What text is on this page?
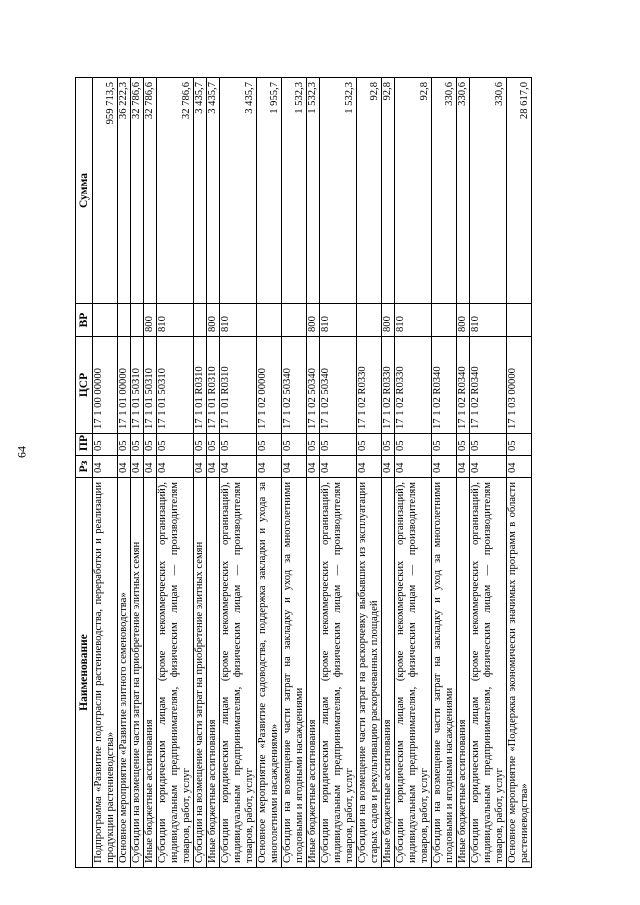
64
Наименование	Рз	ПР	ЦСР	ВР	Сумма
Подпрограмма «Развитие подотрасли растениеводства, переработки и реализации продукции растениеводства»	04	05	17 1 00 00000		959 713,5
Основное мероприятие «Развитие элитного семеноводства»	04	05	17 1 01 00000		36 222,3
Субсидии на возмещение части затрат на приобретение элитных семян	04	05	17 1 01 50310		32 786,6
Иные бюджетные ассигнования	04	05	17 1 01 50310	800	32 786,6
Субсидии юридическим лицам (кроме некоммерческих организаций), индивидуальным предпринимателям, физическим лицам — производителям товаров, работ, услуг	04	05	17 1 01 50310	810	32 786,6
Субсидии на возмещение части затрат на приобретение элитных семян	04	05	17 1 01 R0310		3 435,7
Иные бюджетные ассигнования	04	05	17 1 01 R0310	800	3 435,7
Субсидии юридическим лицам (кроме некоммерческих организаций), индивидуальным предпринимателям, физическим лицам — производителям товаров, работ, услуг	04	05	17 1 01 R0310	810	3 435,7
Основное мероприятие «Развитие садоводства, поддержка закладки и ухода за многолетними насаждениями»	04	05	17 1 02 00000		1 955,7
Субсидии на возмещение части затрат на закладку и уход за многолетними плодовыми и ягодными насаждениями	04	05	17 1 02 50340		1 532,3
Иные бюджетные ассигнования	04	05	17 1 02 50340	800	1 532,3
Субсидии юридическим лицам (кроме некоммерческих организаций), индивидуальным предпринимателям, физическим лицам — производителям товаров, работ, услуг	04	05	17 1 02 50340	810	1 532,3
Субсидии на возмещение части затрат на раскорчевку выбывших из эксплуатации старых садов и рекультивацию раскорчеванных площадей	04	05	17 1 02 R0330		92,8
Иные бюджетные ассигнования	04	05	17 1 02 R0330	800	92,8
Субсидии юридическим лицам (кроме некоммерческих организаций), индивидуальным предпринимателям, физическим лицам — производителям товаров, работ, услуг	04	05	17 1 02 R0330	810	92,8
Субсидии на возмещение части затрат на закладку и уход за многолетними плодовыми и ягодными насаждениями	04	05	17 1 02 R0340		330,6
Иные бюджетные ассигнования	04	05	17 1 02 R0340	800	330,6
Субсидии юридическим лицам (кроме некоммерческих организаций), индивидуальным предпринимателям, физическим лицам — производителям товаров, работ, услуг	04	05	17 1 02 R0340	810	330,6
Основное мероприятие «Поддержка экономически значимых программ в области растениеводства»	04	05	17 1 03 00000		28 617,0
